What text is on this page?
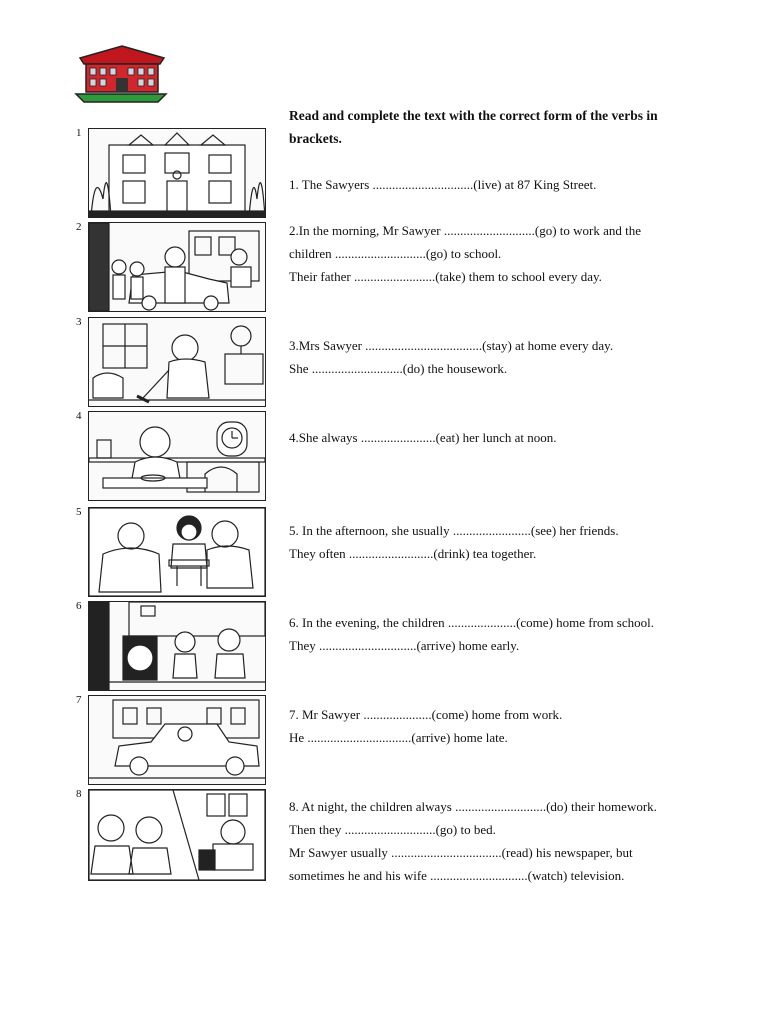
Read and complete the text with the correct form of the verbs in brackets.
1
2
3
4
5
6
7
8
1. The Sawyers ...............................(live) at 87 King Street.
2.In the morning, Mr Sawyer ............................(go) to work and the
children ............................(go) to school.
Their father .........................(take) them to school every day.
3.Mrs Sawyer ....................................(stay) at home every day.
She ............................(do) the housework.
4.She always .......................(eat) her lunch at noon.
5. In the afternoon, she usually ........................(see) her friends.
They often ..........................(drink) tea together.
6. In the evening, the children .....................(come) home from school.
They ..............................(arrive) home early.
7. Mr Sawyer .....................(come) home from work.
He ................................(arrive) home late.
8. At night, the children always ............................(do) their homework.
Then they ............................(go) to bed.
Mr Sawyer usually ..................................(read) his newspaper, but
sometimes he and his wife ..............................(watch) television.
